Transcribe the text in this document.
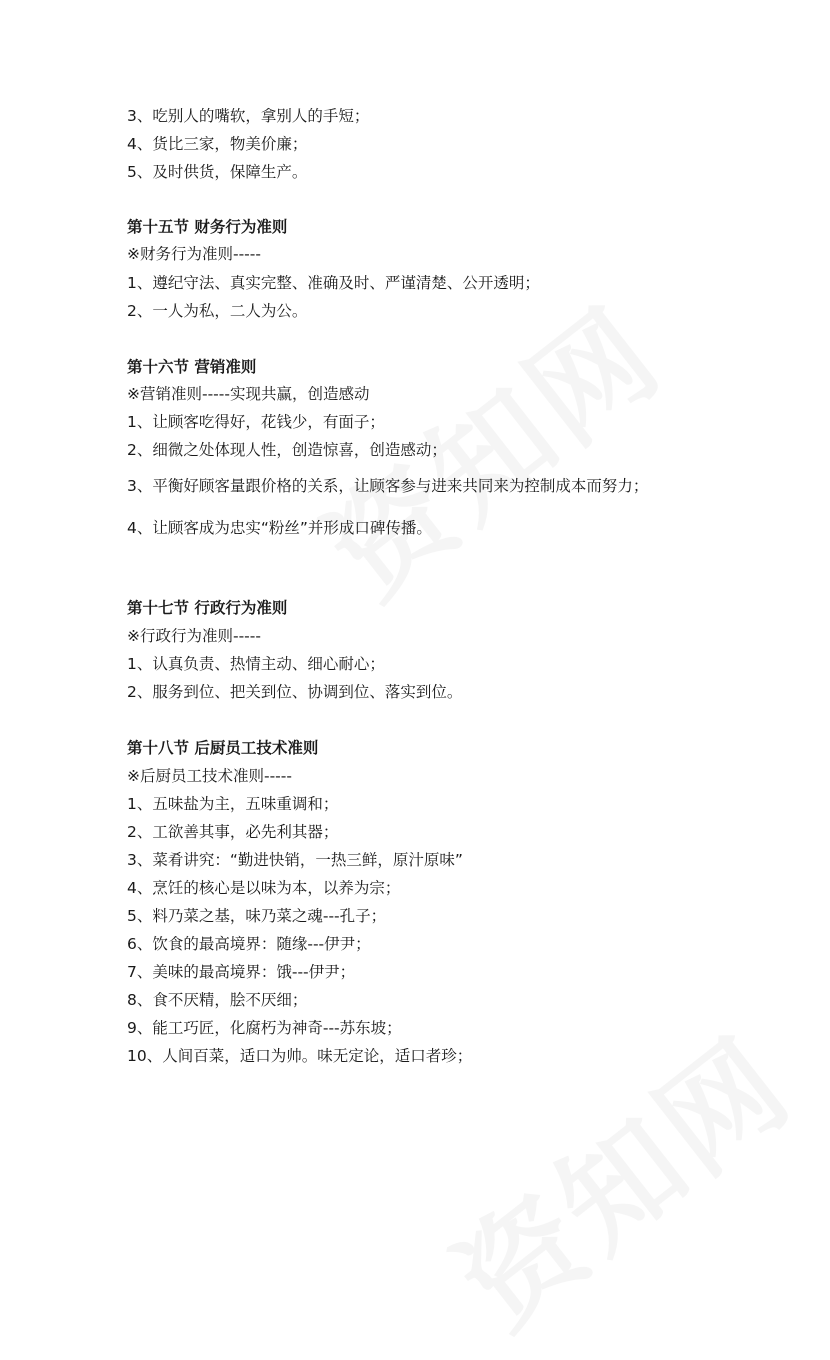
3、吃别人的嘴软，拿别人的手短；
4、货比三家，物美价廉；
5、及时供货，保障生产。
第十五节 财务行为准则
※财务行为准则-----
1、遵纪守法、真实完整、准确及时、严谨清楚、公开透明；
2、一人为私，二人为公。
第十六节 营销准则
※营销准则-----实现共赢，创造感动
1、让顾客吃得好，花钱少，有面子；
2、细微之处体现人性，创造惊喜，创造感动；
3、平衡好顾客量跟价格的关系，让顾客参与进来共同来为控制成本而努力；
4、让顾客成为忠实“粉丝”并形成口碑传播。
第十七节 行政行为准则
※行政行为准则-----
1、认真负责、热情主动、细心耐心；
2、服务到位、把关到位、协调到位、落实到位。
第十八节 后厨员工技术准则
※后厨员工技术准则-----
1、五味盐为主，五味重调和；
2、工欲善其事，必先利其器；
3、菜肴讲究：“勤进快销，一热三鲜，原汁原味”
4、烹饪的核心是以味为本，以养为宗；
5、料乃菜之基，味乃菜之魂---孔子；
6、饮食的最高境界：随缘---伊尹；
7、美味的最高境界：饿---伊尹；
8、食不厌精，脍不厌细；
9、能工巧匠，化腐朽为神奇---苏东坡；
10、人间百菜，适口为帅。味无定论，适口者珍；
